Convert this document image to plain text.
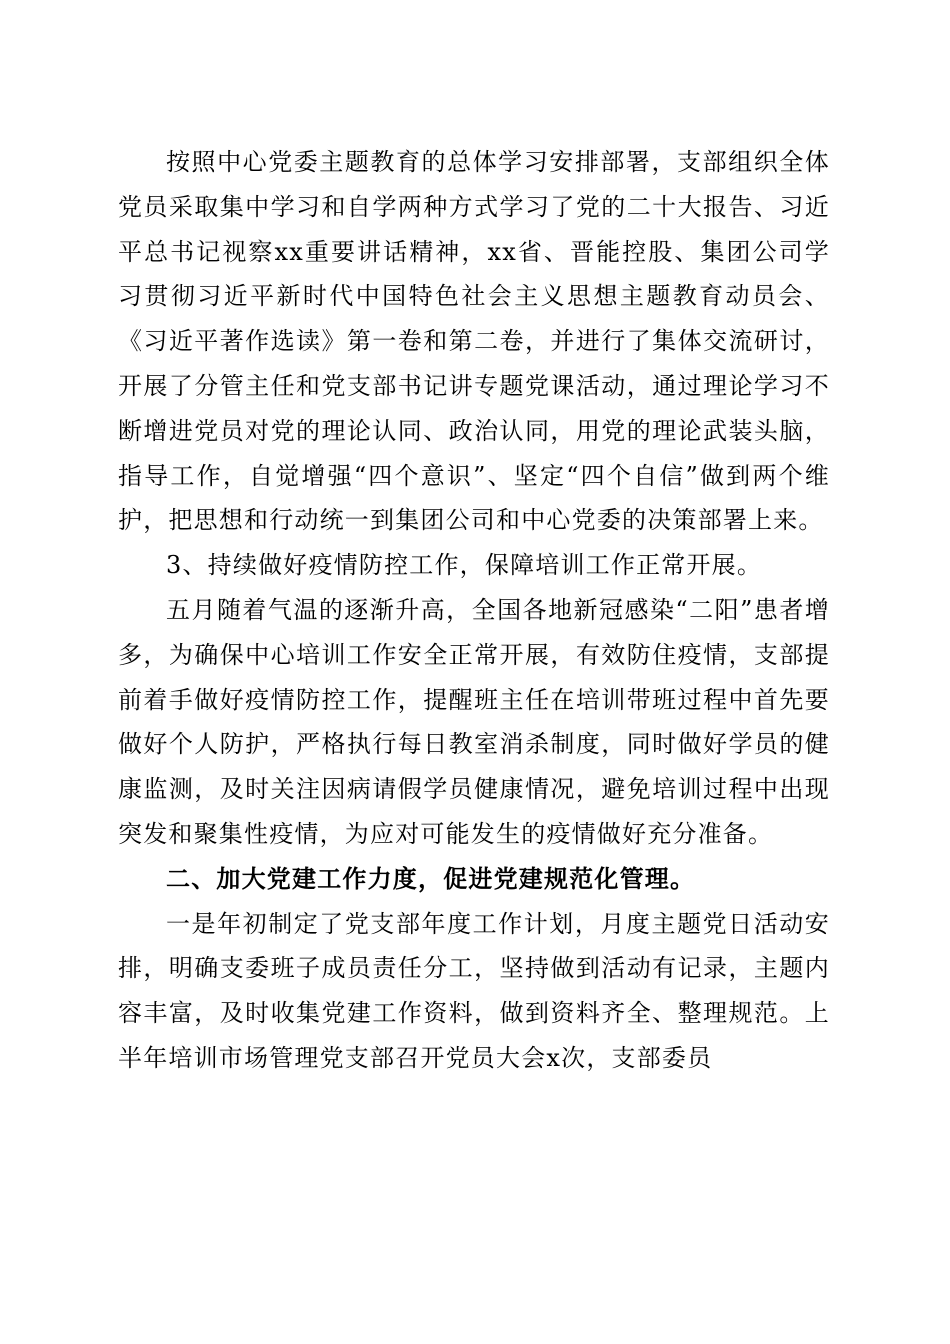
按照中心党委主题教育的总体学习安排部署，支部组织全体党员采取集中学习和自学两种方式学习了党的二十大报告、习近平总书记视察xx重要讲话精神，xx省、晋能控股、集团公司学习贯彻习近平新时代中国特色社会主义思想主题教育动员会、《习近平著作选读》第一卷和第二卷，并进行了集体交流研讨，开展了分管主任和党支部书记讲专题党课活动，通过理论学习不断增进党员对党的理论认同、政治认同，用党的理论武装头脑，指导工作，自觉增强“四个意识”、坚定“四个自信”做到两个维护，把思想和行动统一到集团公司和中心党委的决策部署上来。

3、持续做好疫情防控工作，保障培训工作正常开展。

五月随着气温的逐渐升高，全国各地新冠感染“二阳”患者增多，为确保中心培训工作安全正常开展，有效防住疫情，支部提前着手做好疫情防控工作，提醒班主任在培训带班过程中首先要做好个人防护，严格执行每日教室消杀制度，同时做好学员的健康监测，及时关注因病请假学员健康情况，避免培训过程中出现突发和聚集性疫情，为应对可能发生的疫情做好充分准备。

二、加大党建工作力度，促进党建规范化管理。

一是年初制定了党支部年度工作计划，月度主题党日活动安排，明确支委班子成员责任分工，坚持做到活动有记录，主题内容丰富，及时收集党建工作资料，做到资料齐全、整理规范。上半年培训市场管理党支部召开党员大会x次，支部委员
